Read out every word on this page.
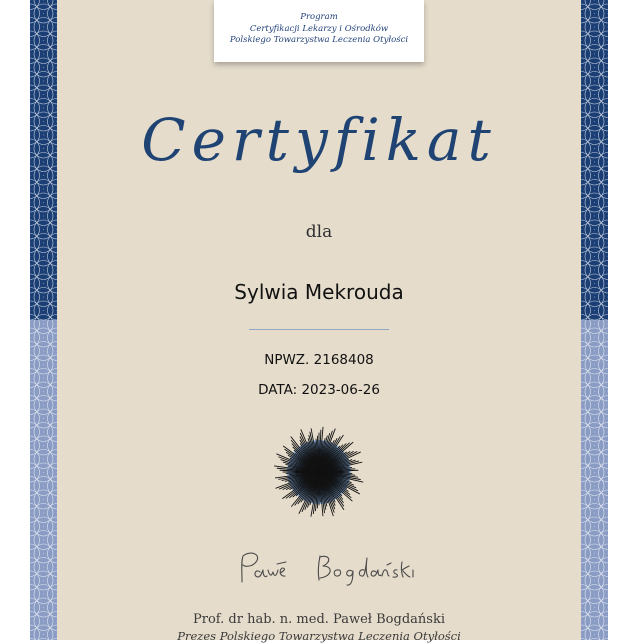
Program
Certyfikacji Lekarzy i Ośrodków
Polskiego Towarzystwa Leczenia Otyłości
Certyfikat
dla
Sylwia Mekrouda
NPWZ. 2168408
DATA: 2023-06-26
Prof. dr hab. n. med. Paweł Bogdański
Prezes Polskiego Towarzystwa Leczenia Otyłości
